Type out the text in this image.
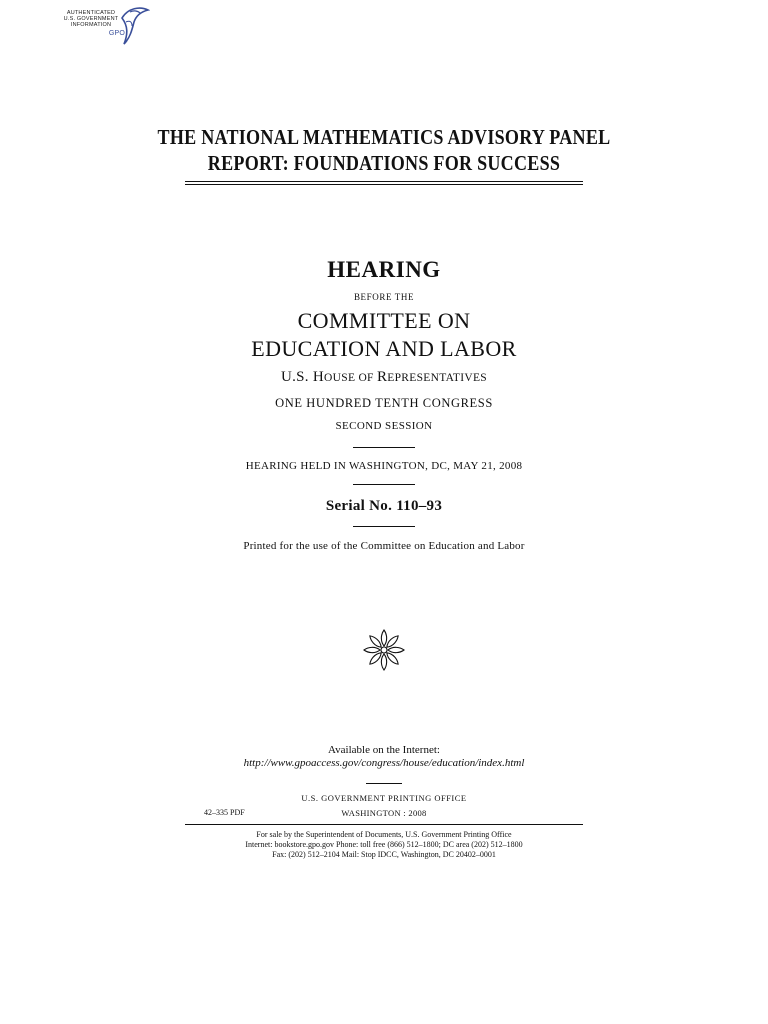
AUTHENTICATED
U.S. GOVERNMENT
INFORMATION
GPO
THE NATIONAL MATHEMATICS ADVISORY PANEL
REPORT: FOUNDATIONS FOR SUCCESS
HEARING
BEFORE THE
COMMITTEE ON
EDUCATION AND LABOR
U.S. HOUSE OF REPRESENTATIVES
ONE HUNDRED TENTH CONGRESS
SECOND SESSION
HEARING HELD IN WASHINGTON, DC, MAY 21, 2008
Serial No. 110–93
Printed for the use of the Committee on Education and Labor
Available on the Internet:
http://www.gpoaccess.gov/congress/house/education/index.html
U.S. GOVERNMENT PRINTING OFFICE
42–335 PDF	WASHINGTON : 2008
For sale by the Superintendent of Documents, U.S. Government Printing Office
Internet: bookstore.gpo.gov Phone: toll free (866) 512–1800; DC area (202) 512–1800
Fax: (202) 512–2104 Mail: Stop IDCC, Washington, DC 20402–0001
